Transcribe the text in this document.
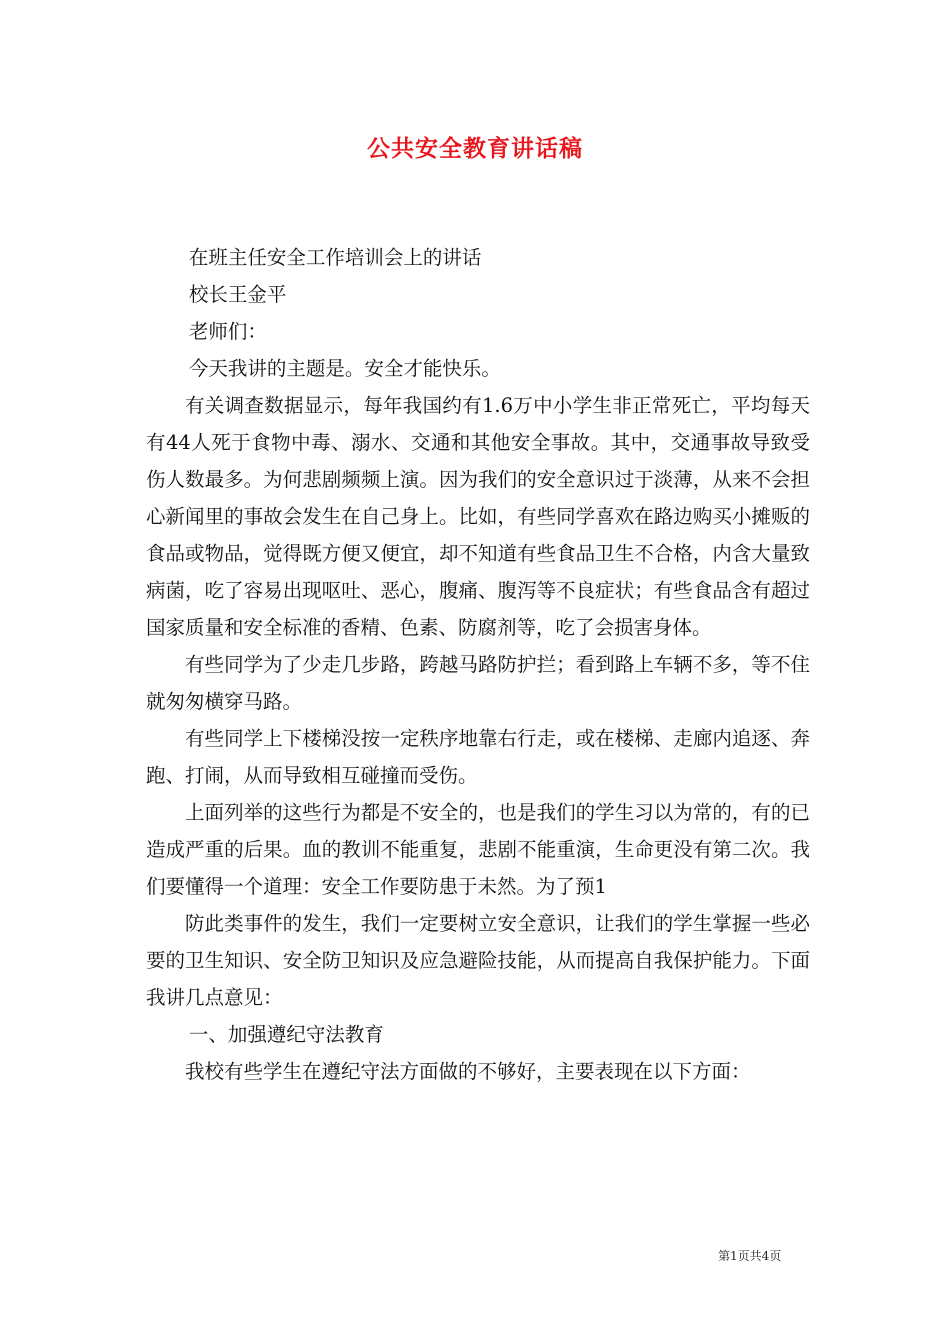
公共安全教育讲话稿

在班主任安全工作培训会上的讲话

校长王金平

老师们：

今天我讲的主题是。安全才能快乐。

有关调查数据显示，每年我国约有1.6万中小学生非正常死亡，平均每天有44人死于食物中毒、溺水、交通和其他安全事故。其中，交通事故导致受伤人数最多。为何悲剧频频上演。因为我们的安全意识过于淡薄，从来不会担心新闻里的事故会发生在自己身上。比如，有些同学喜欢在路边购买小摊贩的食品或物品，觉得既方便又便宜，却不知道有些食品卫生不合格，内含大量致病菌，吃了容易出现呕吐、恶心，腹痛、腹泻等不良症状；有些食品含有超过国家质量和安全标准的香精、色素、防腐剂等，吃了会损害身体。

有些同学为了少走几步路，跨越马路防护拦；看到路上车辆不多，等不住就匆匆横穿马路。

有些同学上下楼梯没按一定秩序地靠右行走，或在楼梯、走廊内追逐、奔跑、打闹，从而导致相互碰撞而受伤。

上面列举的这些行为都是不安全的，也是我们的学生习以为常的，有的已造成严重的后果。血的教训不能重复，悲剧不能重演，生命更没有第二次。我们要懂得一个道理：安全工作要防患于未然。为了预1

防此类事件的发生，我们一定要树立安全意识，让我们的学生掌握一些必要的卫生知识、安全防卫知识及应急避险技能，从而提高自我保护能力。下面我讲几点意见：

一、加强遵纪守法教育

我校有些学生在遵纪守法方面做的不够好，主要表现在以下方面：

第1页共4页
